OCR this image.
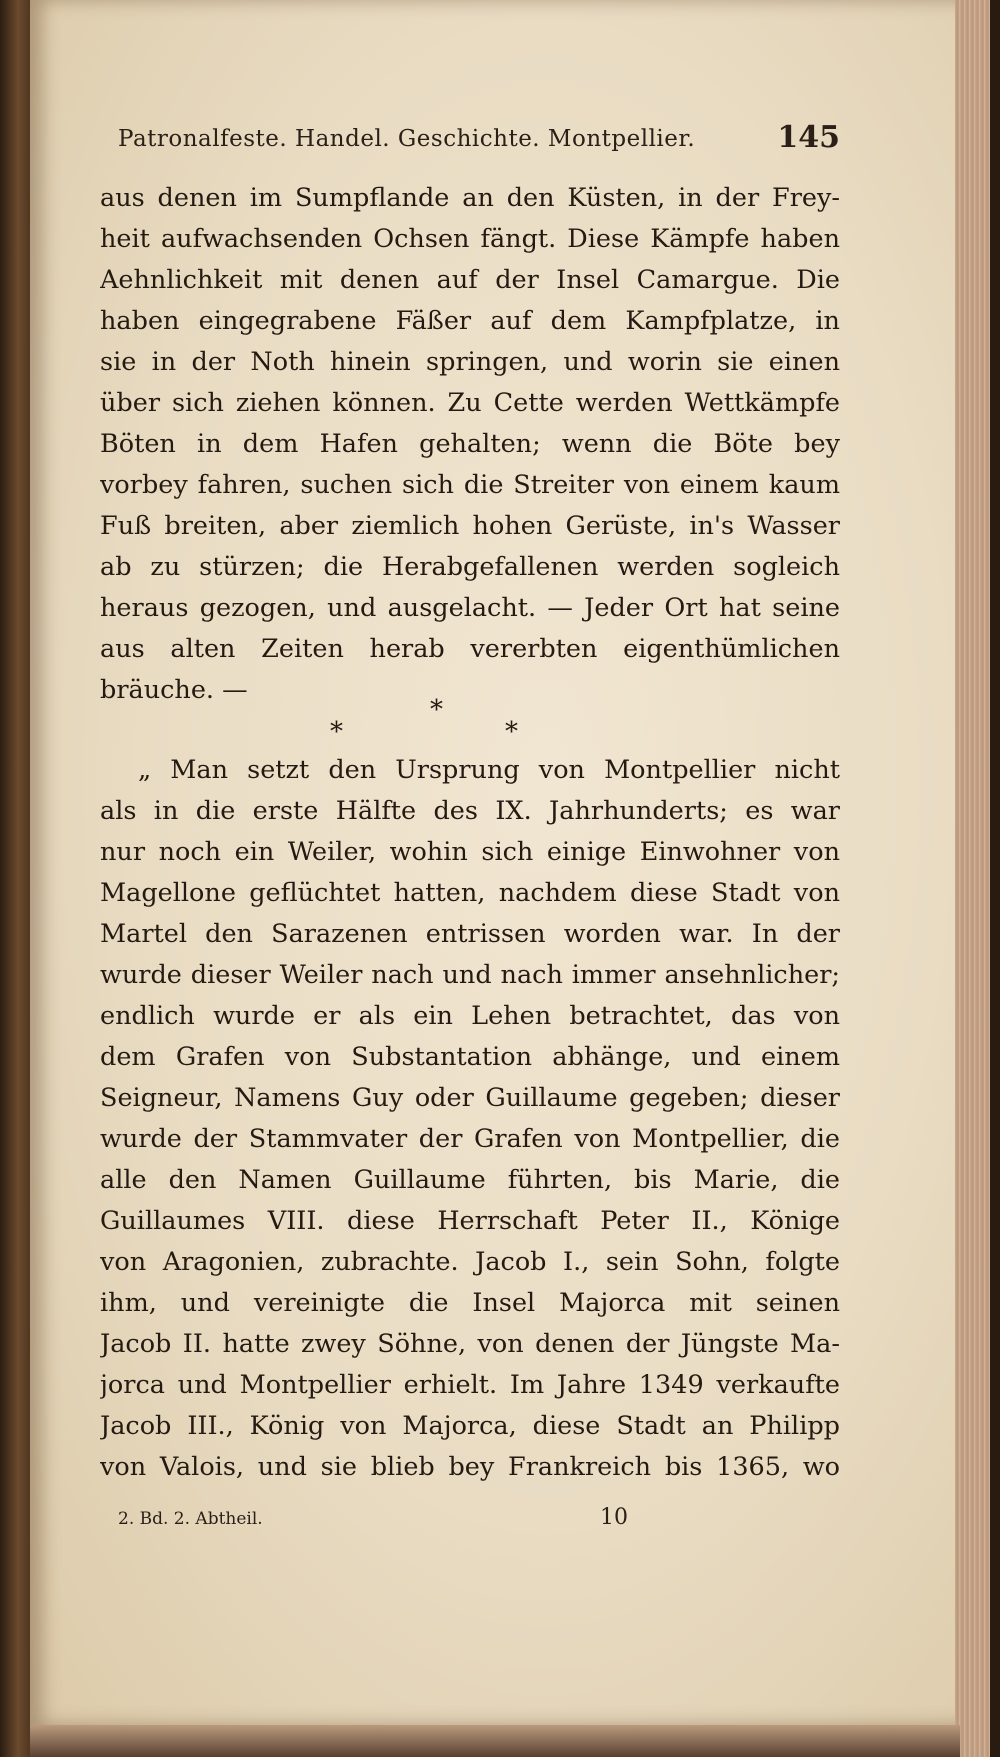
Patronalfeste. Handel. Geschichte. Montpellier.	145
aus denen im Sumpflande an den Küsten, in der Frey-
heit aufwachsenden Ochsen fängt. Diese Kämpfe haben
Aehnlichkeit mit denen auf der Insel Camargue. Die
haben eingegrabene Fäßer auf dem Kampfplatze, in
sie in der Noth hinein springen, und worin sie einen
über sich ziehen können. Zu Cette werden Wettkämpfe
Böten in dem Hafen gehalten; wenn die Böte bey
vorbey fahren, suchen sich die Streiter von einem kaum
Fuß breiten, aber ziemlich hohen Gerüste, in's Wasser
ab zu stürzen; die Herabgefallenen werden sogleich
heraus gezogen, und ausgelacht. — Jeder Ort hat seine
aus alten Zeiten herab vererbten eigenthümlichen
bräuche. —
*
*	*
„ Man setzt den Ursprung von Montpellier nicht
als in die erste Hälfte des IX. Jahrhunderts; es war
nur noch ein Weiler, wohin sich einige Einwohner von
Magellone geflüchtet hatten, nachdem diese Stadt von
Martel den Sarazenen entrissen worden war. In der
wurde dieser Weiler nach und nach immer ansehnlicher;
endlich wurde er als ein Lehen betrachtet, das von
dem Grafen von Substantation abhänge, und einem
Seigneur, Namens Guy oder Guillaume gegeben; dieser
wurde der Stammvater der Grafen von Montpellier, die
alle den Namen Guillaume führten, bis Marie, die
Guillaumes VIII. diese Herrschaft Peter II., Könige
von Aragonien, zubrachte. Jacob I., sein Sohn, folgte
ihm, und vereinigte die Insel Majorca mit seinen
Jacob II. hatte zwey Söhne, von denen der Jüngste Ma-
jorca und Montpellier erhielt. Im Jahre 1349 verkaufte
Jacob III., König von Majorca, diese Stadt an Philipp
von Valois, und sie blieb bey Frankreich bis 1365, wo
2. Bd. 2. Abtheil.	10
